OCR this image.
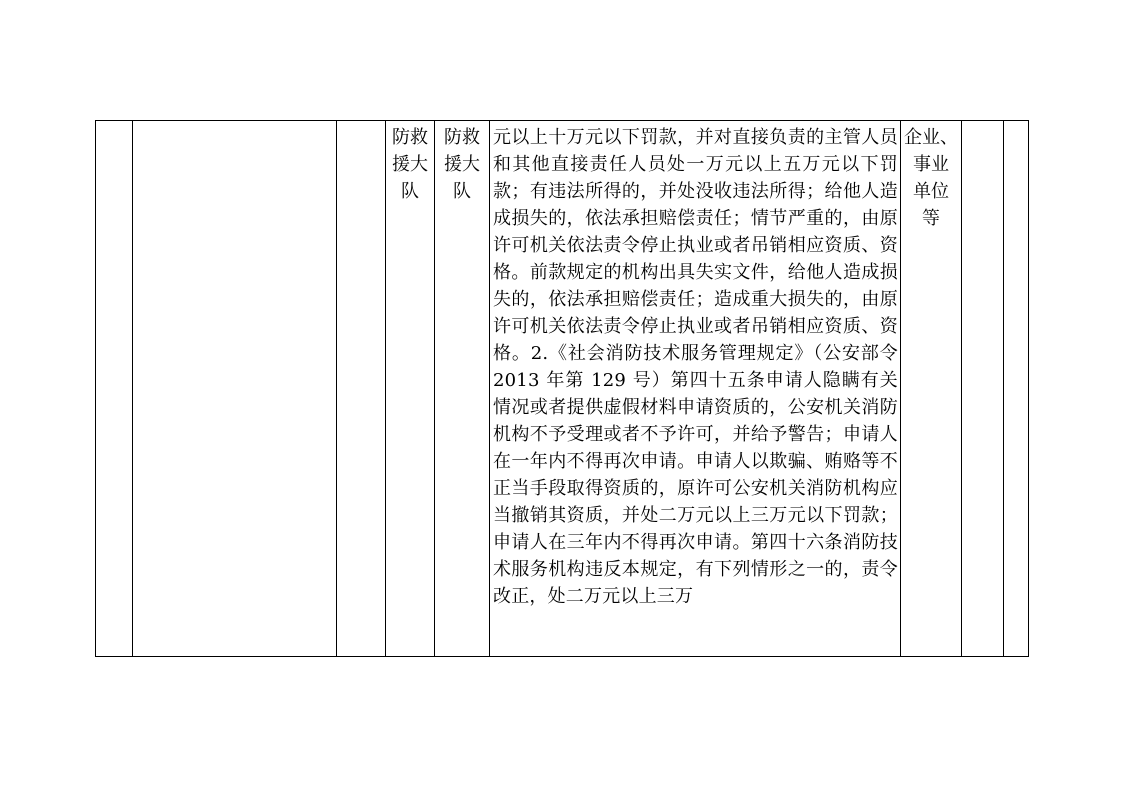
			防救
援大
队	防救
援大
队	元以上十万元以下罚款，并对直接负责的主管人员和其他直接责任人员处一万元以上五万元以下罚款；有违法所得的，并处没收违法所得；给他人造成损失的，依法承担赔偿责任；情节严重的，由原许可机关依法责令停止执业或者吊销相应资质、资格。前款规定的机构出具失实文件，给他人造成损失的，依法承担赔偿责任；造成重大损失的，由原许可机关依法责令停止执业或者吊销相应资质、资格。2.《社会消防技术服务管理规定》（公安部令 2013 年第 129 号）第四十五条申请人隐瞒有关情况或者提供虚假材料申请资质的，公安机关消防机构不予受理或者不予许可，并给予警告；申请人在一年内不得再次申请。申请人以欺骗、贿赂等不正当手段取得资质的，原许可公安机关消防机构应当撤销其资质，并处二万元以上三万元以下罚款；申请人在三年内不得再次申请。第四十六条消防技术服务机构违反本规定，有下列情形之一的，责令改正，处二万元以上三万	企业、
事业
单位
等		
